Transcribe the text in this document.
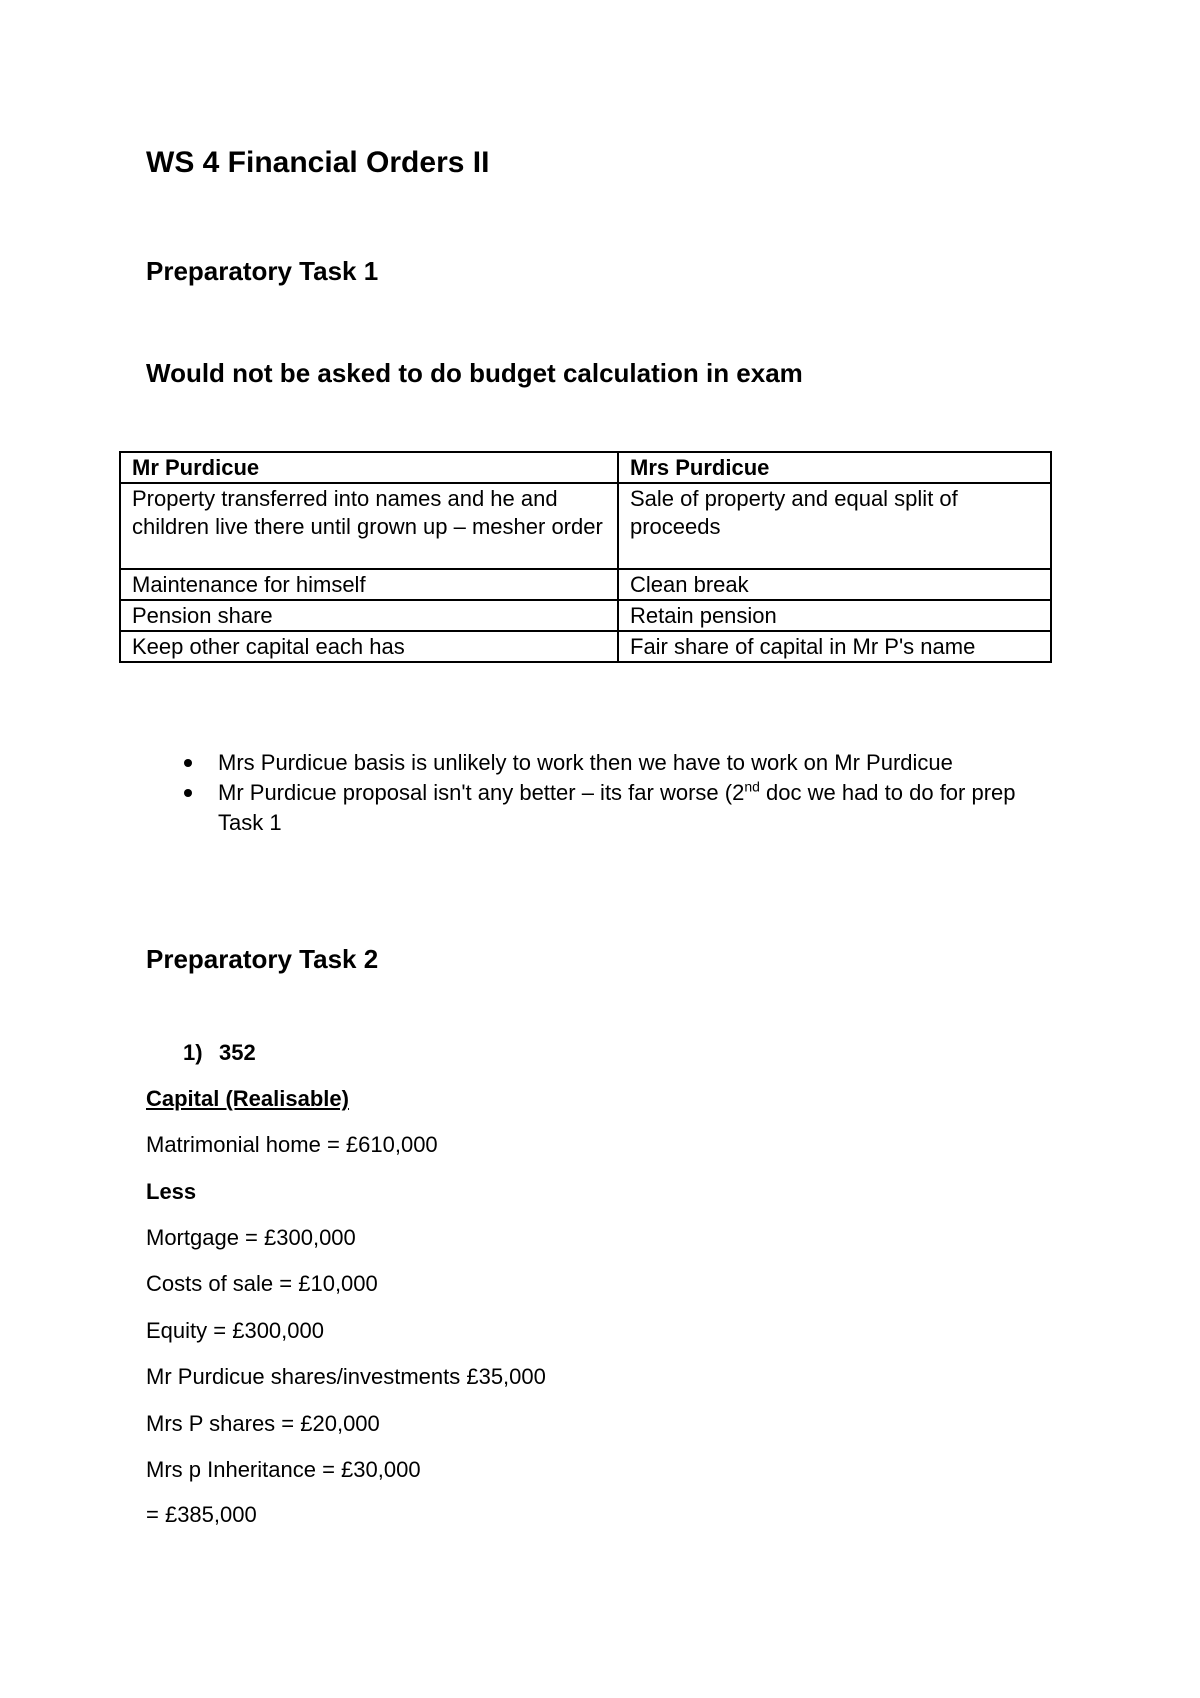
WS 4 Financial Orders II
Preparatory Task 1
Would not be asked to do budget calculation in exam
Mr Purdicue	Mrs Purdicue
Property transferred into names and he and children live there until grown up – mesher order	Sale of property and equal split of proceeds
Maintenance for himself	Clean break
Pension share	Retain pension
Keep other capital each has	Fair share of capital in Mr P's name
Mrs Purdicue basis is unlikely to work then we have to work on Mr Purdicue
Mr Purdicue proposal isn't any better – its far worse (2nd doc we had to do for prep Task 1
Preparatory Task 2
1) 352
Capital (Realisable)
Matrimonial home = £610,000
Less
Mortgage = £300,000
Costs of sale = £10,000
Equity = £300,000
Mr Purdicue shares/investments £35,000
Mrs P shares = £20,000
Mrs p Inheritance = £30,000
= £385,000
